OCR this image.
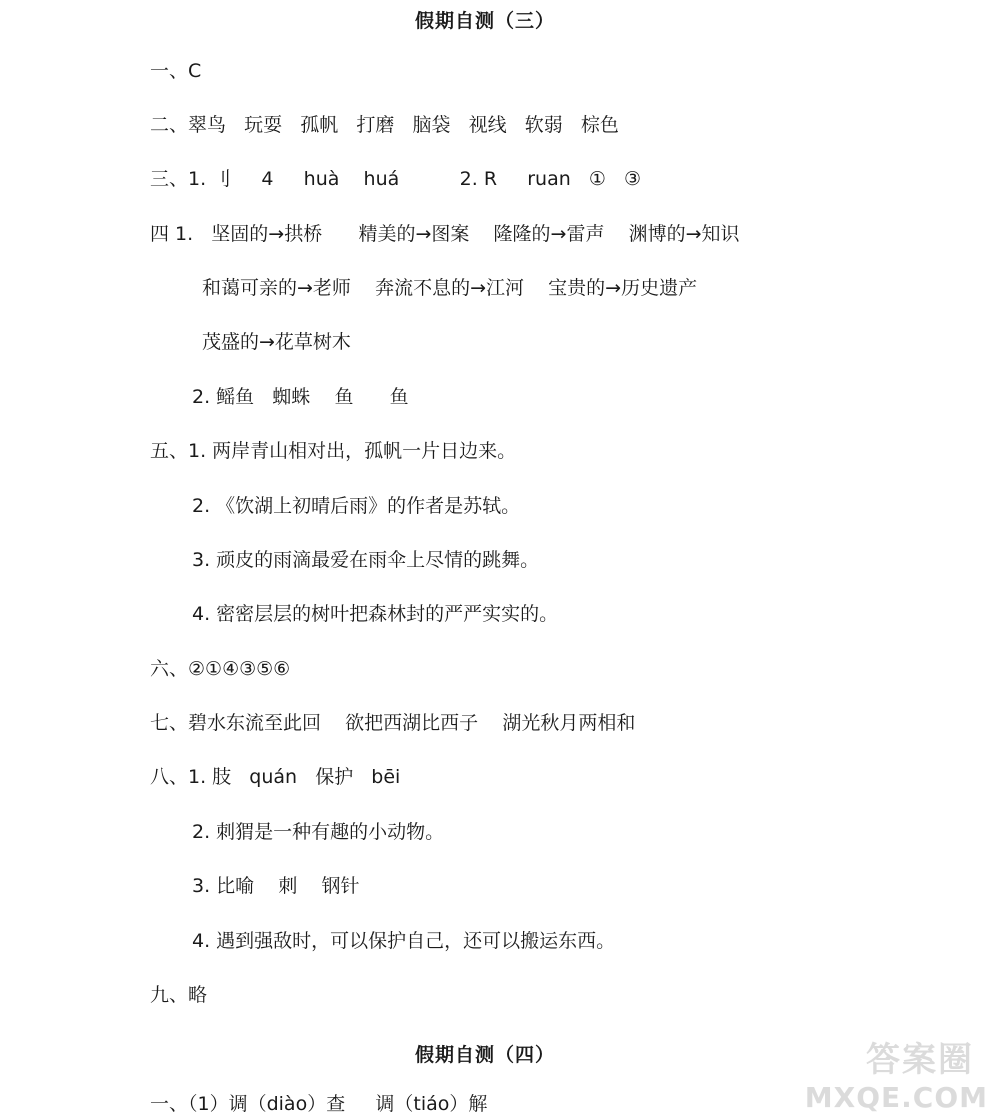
假期自测（三）
一、C
二、翠鸟   玩耍   孤帆   打磨   脑袋   视线   软弱   棕色
三、1. 刂     4     huà    huá          2. R     ruan   ①   ③
四 1.   坚固的→拱桥      精美的→图案    隆隆的→雷声    渊博的→知识
和蔼可亲的→老师    奔流不息的→江河    宝贵的→历史遗产
茂盛的→花草树木
2. 鳐鱼   蜘蛛    鱼      鱼
五、1. 两岸青山相对出，孤帆一片日边来。
2. 《饮湖上初晴后雨》的作者是苏轼。
3. 顽皮的雨滴最爱在雨伞上尽情的跳舞。
4. 密密层层的树叶把森林封的严严实实的。
六、②①④③⑤⑥
七、碧水东流至此回    欲把西湖比西子    湖光秋月两相和
八、1. 肢   quán   保护   bēi
2. 刺猬是一种有趣的小动物。
3. 比喻    刺    钢针
4. 遇到强敌时，可以保护自己，还可以搬运东西。
九、略
假期自测（四）
一、（1）调（diào）查     调（tiáo）解
答案圈
MXQE.COM
